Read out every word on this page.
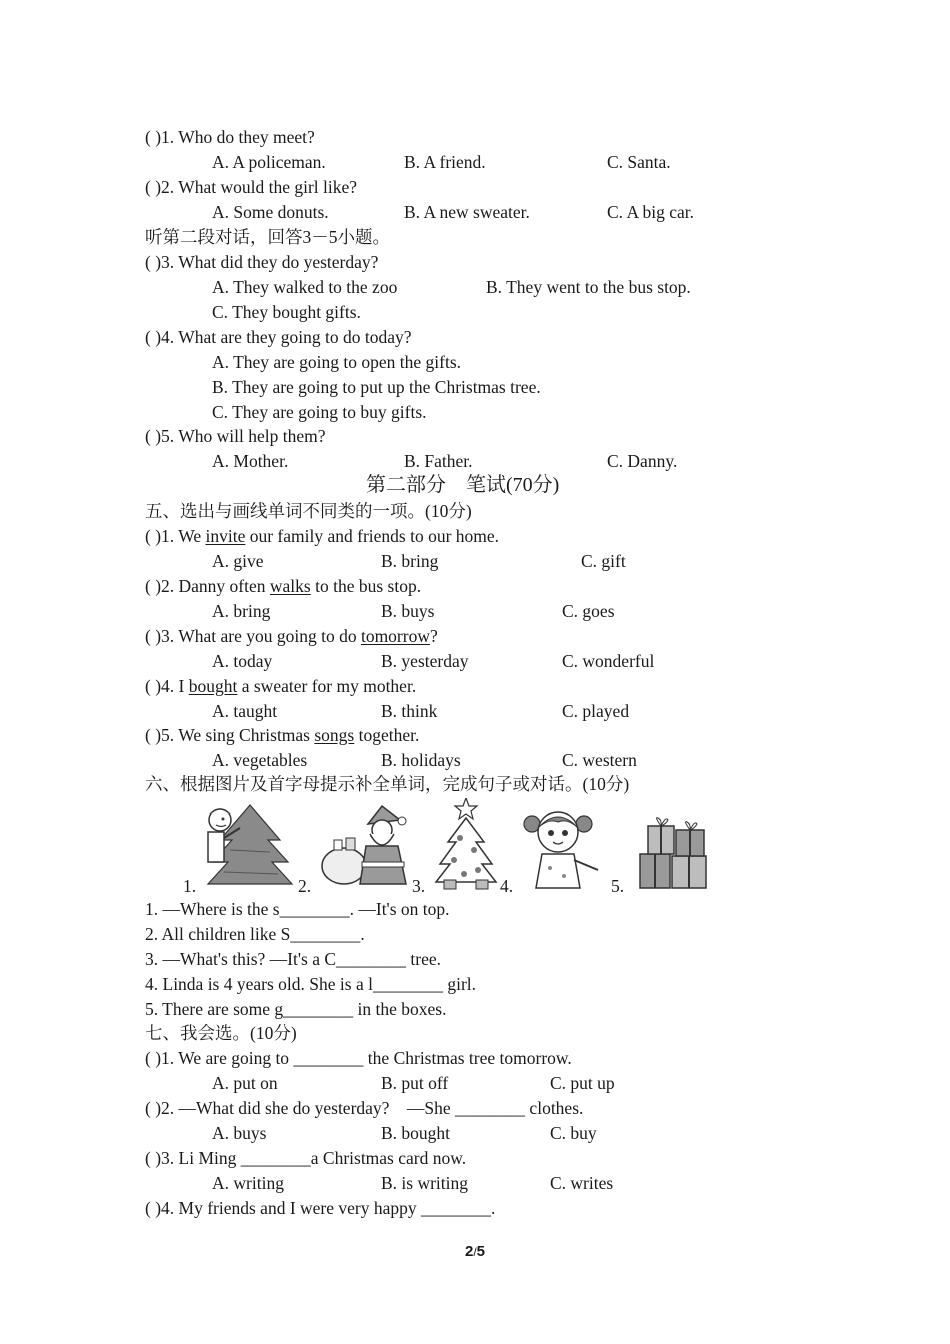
( )1. Who do they meet?
A. A policeman.	B. A friend.	C. Santa.
( )2. What would the girl like?
A. Some donuts.	B. A new sweater.	C. A big car.
听第二段对话，回答3－5小题。
( )3. What did they do yesterday?
A. They walked to the zoo	B. They went to the bus stop.
C. They bought gifts.
( )4. What are they going to do today?
A. They are going to open the gifts.
B. They are going to put up the Christmas tree.
C. They are going to buy gifts.
( )5. Who will help them?
A. Mother.	B. Father.	C. Danny.
第二部分　笔试(70分)
五、选出与画线单词不同类的一项。(10分)
( )1. We invite our family and friends to our home.
A. give	B. bring	C. gift
( )2. Danny often walks to the bus stop.
A. bring	B. buys	C. goes
( )3. What are you going to do tomorrow?
A. today	B. yesterday	C. wonderful
( )4. I bought a sweater for my mother.
A. taught	B. think	C. played
( )5. We sing Christmas songs together.
A. vegetables	B. holidays	C. western
六、根据图片及首字母提示补全单词，完成句子或对话。(10分)
1.	2.	3.	4.	5.
1. —Where is the s________. —It's on top.
2. All children like S________.
3. —What's this? —It's a C________ tree.
4. Linda is 4 years old. She is a l________ girl.
5. There are some g________ in the boxes.
七、我会选。(10分)
( )1. We are going to ________ the Christmas tree tomorrow.
A. put on	B. put off	C. put up
( )2. —What did she do yesterday?　—She ________ clothes.
A. buys	B. bought	C. buy
( )3. Li Ming ________a Christmas card now.
A. writing	B. is writing	C. writes
( )4. My friends and I were very happy ________.
2/5
